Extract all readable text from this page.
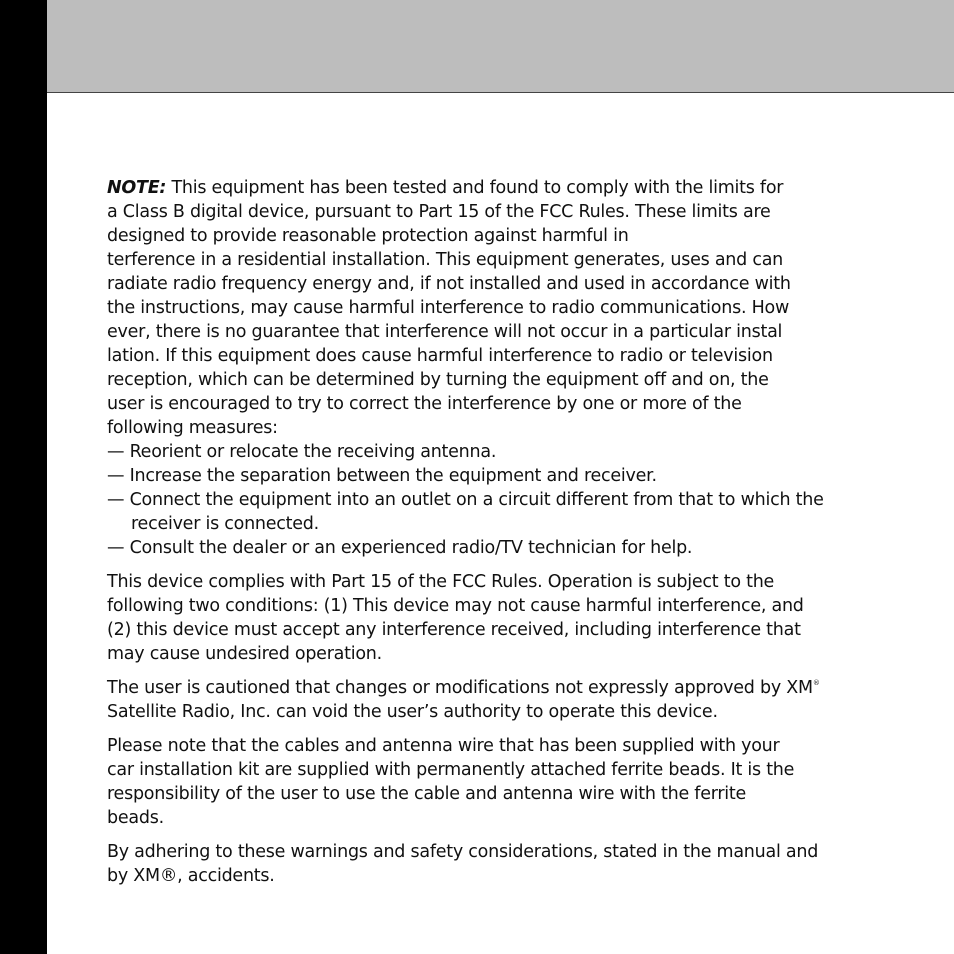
NOTE: This equipment has been tested and found to comply with the limits for
a Class B digital device, pursuant to Part 15 of the FCC Rules. These limits are
designed to provide reasonable protection against harmful in
terference in a residential installation. This equipment generates, uses and can
radiate radio frequency energy and, if not installed and used in accordance with
the instructions, may cause harmful interference to radio communications. How
ever, there is no guarantee that interference will not occur in a particular instal
lation. If this equipment does cause harmful interference to radio or television
reception, which can be determined by turning the equipment off and on, the
user is encouraged to try to correct the interference by one or more of the
following measures:
— Reorient or relocate the receiving antenna.
— Increase the separation between the equipment and receiver.
— Connect the equipment into an outlet on a circuit different from that to which the
receiver is connected.
— Consult the dealer or an experienced radio/TV technician for help.
This device complies with Part 15 of the FCC Rules. Operation is subject to the
following two conditions: (1) This device may not cause harmful interference, and
(2) this device must accept any interference received, including interference that
may cause undesired operation.
The user is cautioned that changes or modifications not expressly approved by XM®
Satellite Radio, Inc. can void the user’s authority to operate this device.
Please note that the cables and antenna wire that has been supplied with your
car installation kit are supplied with permanently attached ferrite beads. It is the
responsibility of the user to use the cable and antenna wire with the ferrite
beads.
By adhering to these warnings and safety considerations, stated in the manual and
by XM®, accidents.
